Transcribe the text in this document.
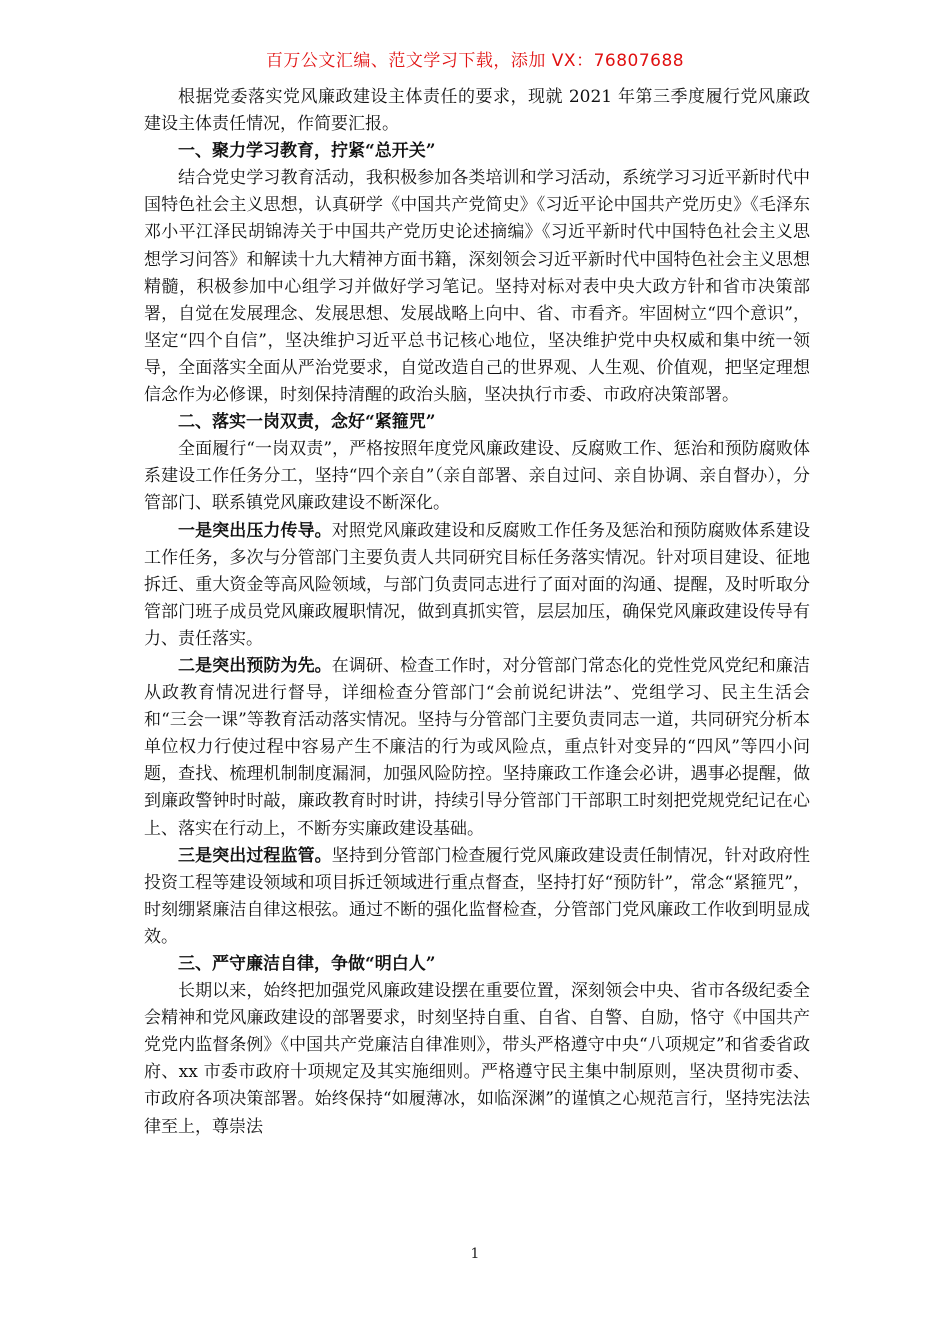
百万公文汇编、范文学习下载，添加 VX：76807688

根据党委落实党风廉政建设主体责任的要求，现就 2021 年第三季度履行党风廉政建设主体责任情况，作简要汇报。

一、聚力学习教育，拧紧“总开关”

结合党史学习教育活动，我积极参加各类培训和学习活动，系统学习习近平新时代中国特色社会主义思想，认真研学《中国共产党简史》《习近平论中国共产党历史》《毛泽东邓小平江泽民胡锦涛关于中国共产党历史论述摘编》《习近平新时代中国特色社会主义思想学习问答》和解读十九大精神方面书籍，深刻领会习近平新时代中国特色社会主义思想精髓，积极参加中心组学习并做好学习笔记。坚持对标对表中央大政方针和省市决策部署，自觉在发展理念、发展思想、发展战略上向中、省、市看齐。牢固树立“四个意识”，坚定“四个自信”，坚决维护习近平总书记核心地位，坚决维护党中央权威和集中统一领导，全面落实全面从严治党要求，自觉改造自己的世界观、人生观、价值观，把坚定理想信念作为必修课，时刻保持清醒的政治头脑，坚决执行市委、市政府决策部署。

二、落实一岗双责，念好“紧箍咒”

全面履行“一岗双责”，严格按照年度党风廉政建设、反腐败工作、惩治和预防腐败体系建设工作任务分工，坚持“四个亲自”（亲自部署、亲自过问、亲自协调、亲自督办），分管部门、联系镇党风廉政建设不断深化。

一是突出压力传导。对照党风廉政建设和反腐败工作任务及惩治和预防腐败体系建设工作任务，多次与分管部门主要负责人共同研究目标任务落实情况。针对项目建设、征地拆迁、重大资金等高风险领域，与部门负责同志进行了面对面的沟通、提醒，及时听取分管部门班子成员党风廉政履职情况，做到真抓实管，层层加压，确保党风廉政建设传导有力、责任落实。

二是突出预防为先。在调研、检查工作时，对分管部门常态化的党性党风党纪和廉洁从政教育情况进行督导，详细检查分管部门“会前说纪讲法”、党组学习、民主生活会和“三会一课”等教育活动落实情况。坚持与分管部门主要负责同志一道，共同研究分析本单位权力行使过程中容易产生不廉洁的行为或风险点，重点针对变异的“四风”等四小问题，查找、梳理机制制度漏洞，加强风险防控。坚持廉政工作逢会必讲，遇事必提醒，做到廉政警钟时时敲，廉政教育时时讲，持续引导分管部门干部职工时刻把党规党纪记在心上、落实在行动上，不断夯实廉政建设基础。

三是突出过程监管。坚持到分管部门检查履行党风廉政建设责任制情况，针对政府性投资工程等建设领域和项目拆迁领域进行重点督查，坚持打好“预防针”，常念“紧箍咒”，时刻绷紧廉洁自律这根弦。通过不断的强化监督检查，分管部门党风廉政工作收到明显成效。

三、严守廉洁自律，争做“明白人”

长期以来，始终把加强党风廉政建设摆在重要位置，深刻领会中央、省市各级纪委全会精神和党风廉政建设的部署要求，时刻坚持自重、自省、自警、自励，恪守《中国共产党党内监督条例》《中国共产党廉洁自律准则》，带头严格遵守中央“八项规定”和省委省政府、xx 市委市政府十项规定及其实施细则。严格遵守民主集中制原则，坚决贯彻市委、市政府各项决策部署。始终保持“如履薄冰，如临深渊”的谨慎之心规范言行，坚持宪法法律至上，尊崇法

1
